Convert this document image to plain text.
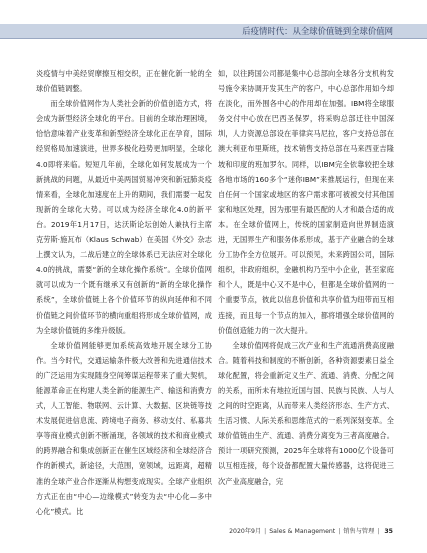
后疫情时代：从全球价值链到全球价值网

炎疫情与中美经贸摩擦互相交织，正在催化新一轮的全球价值链调整。

而全球价值网作为人类社会新的价值创造方式，将会成为新型经济全球化的平台。目前的全球治理困境，恰恰意味着产业变革和新型经济全球化正在孕育，国际经贸格局加速演进，世界多极化趋势更加明显，全球化4.0即将来临。短短几年前，全球化如何发展成为一个新挑战的问题，从最近中美两国贸易冲突和新冠肺炎疫情来看，全球化加速度在上升的期间，我们需要一起发现新的全球化大势。可以成为经济全球化4.0的新平台。2019年1月17日，达沃斯论坛创始人兼执行主席克劳斯·施瓦布（Klaus Schwab）在美国《外交》杂志上撰文认为，二战后建立的全球体系已无法应对全球化4.0的挑战，需要“新的全球化操作系统”。全球价值网就可以成为一个既有继承又有创新的“新的全球化操作系统”，全球价值链上各个价值环节的纵向延伸和不同价值链之间价值环节的横向重组将形成全球价值网，成为全球价值链的多维升级版。

全球价值网能够更加系统高效地开展全球分工协作。当今时代，交通运输条件极大改善和先进通信技术的广泛运用为实现随身空间筹谋运程带来了重大契机，能源革命正在构建人类全新的能源生产、输送和消费方式，人工智能、物联网、云计算、大数据、区块链等技术发展促进信息流、跨境电子商务、移动支付、私募共享等商业模式创新不断涌现，各领域的技术和商业模式的跨界融合和集成创新正在催生区域经济和全球经济合作的新模式，新途径，大范围，宽领域，远距离，超精准的全球产业合作逐渐从构想变成现实。全球产业组织方式正在由“中心—边缘模式”转变为去“中心化—多中心化”模式。比

如，以往跨国公司都是集中心总部向全球各分支机构发号施令来协调开发其生产的客户，中心总部作用如今却在淡化，而外围各中心的作用却在加强。IBM将全球服务交付中心放在巴西圣保罗，将采购总部迁往中国深圳，人力资源总部设在菲律宾马尼拉，客户支持总部在澳大利亚布里斯班，技术销售支持总部在马来西亚吉隆坡和印度的班加罗尔。同样，以IBM完全依靠较把全球各地市场的160多个“迷你IBM”来推展运行，但现在来自任何一个国家或地区的客户需求都可被被交付其他国家和地区处理，因为那里有最匹配的人才和最合适的成本。在全球价值网上，传统的国家制造向世界制造演进，无国界生产和服务体系形成，基于产业融合的全球分工协作全方位展开。可以预见，未来跨国公司，国际组织，非政府组织，金融机构乃至中小企业，甚至家庭和个人，既是中心又不是中心，但都是全球价值网的一个重要节点，彼此以信息价值和共享价值为纽带而互相连接，而且每一个节点的加入，都将增强全球价值网的价值创造能力的一次大提升。

全球价值网将促成三次产业和生产流通消费高度融合。随着科技和制度的不断创新，各种资源要素日益全球化配置，将会重新定义生产、流通、消费、分配之间的关系，而所未有地拉近国与国、民族与民族、人与人之间的时空距离，从而带来人类经济形态、生产方式、生活习惯、人际关系和思维范式的一系列深刻变革。全球价值链由生产、流通、消费分离变为三者高度融合。预计一项研究预测，2025年全球将有1000亿个设备可以互相连接，每个设备都配置大量传感器，这将促进三次产业高度融合，完

2020年9月 | Sales & Management | 销售与管理 | 35
